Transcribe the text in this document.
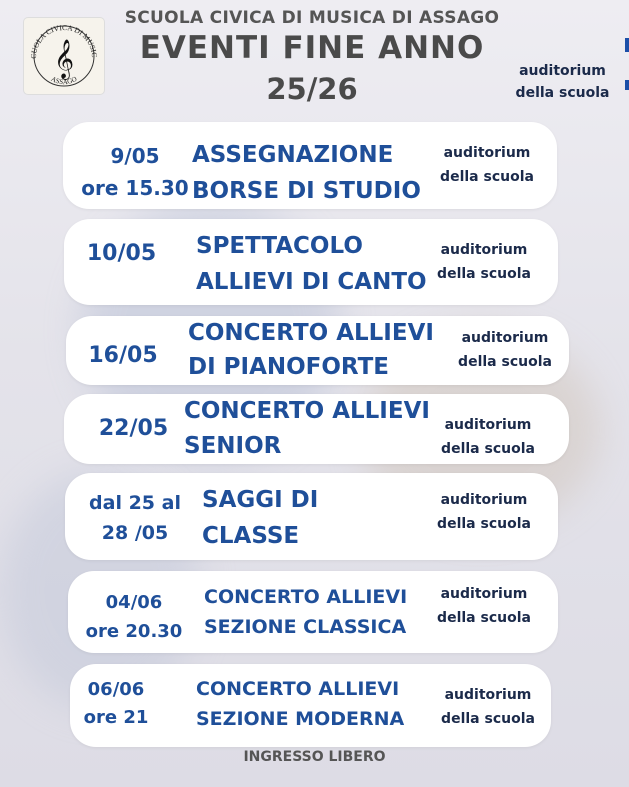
CUOLA CIVICA DI MUSIC
ASSAGO
𝄞
SCUOLA CIVICA DI MUSICA DI ASSAGO
EVENTI FINE ANNO
25/26
auditorium
della scuola
9/05
ore 15.30
ASSEGNAZIONE
BORSE DI STUDIO
auditorium
della scuola
10/05	SPETTACOLO
ALLIEVI DI CANTO
auditorium
della scuola
16/05
CONCERTO ALLIEVI
DI PIANOFORTE
auditorium
della scuola
22/05
CONCERTO ALLIEVI
SENIOR
auditorium
della scuola
dal 25 al
28 /05
SAGGI DI
CLASSE
auditorium
della scuola
04/06
ore 20.30
CONCERTO ALLIEVI
SEZIONE CLASSICA
auditorium
della scuola
06/06
ore 21
CONCERTO ALLIEVI
SEZIONE MODERNA
auditorium
della scuola
INGRESSO LIBERO
